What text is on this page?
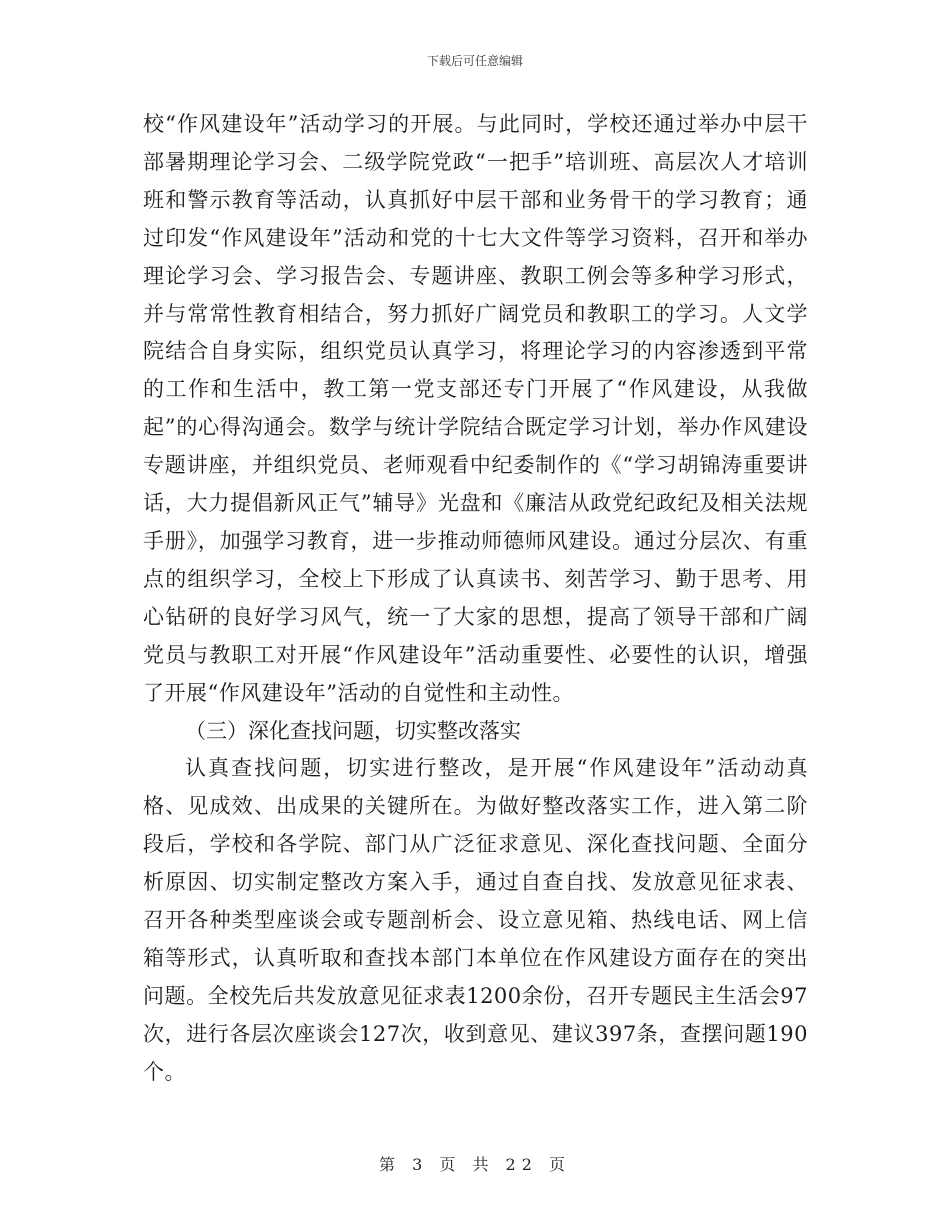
下载后可任意编辑

校“作风建设年”活动学习的开展。与此同时，学校还通过举办中层干部暑期理论学习会、二级学院党政“一把手”培训班、高层次人才培训班和警示教育等活动，认真抓好中层干部和业务骨干的学习教育；通过印发“作风建设年”活动和党的十七大文件等学习资料，召开和举办理论学习会、学习报告会、专题讲座、教职工例会等多种学习形式，并与常常性教育相结合，努力抓好广阔党员和教职工的学习。人文学院结合自身实际，组织党员认真学习，将理论学习的内容渗透到平常的工作和生活中，教工第一党支部还专门开展了“作风建设，从我做起”的心得沟通会。数学与统计学院结合既定学习计划，举办作风建设专题讲座，并组织党员、老师观看中纪委制作的《“学习胡锦涛重要讲话，大力提倡新风正气”辅导》光盘和《廉洁从政党纪政纪及相关法规手册》，加强学习教育，进一步推动师德师风建设。通过分层次、有重点的组织学习，全校上下形成了认真读书、刻苦学习、勤于思考、用心钻研的良好学习风气，统一了大家的思想，提高了领导干部和广阔党员与教职工对开展“作风建设年”活动重要性、必要性的认识，增强了开展“作风建设年”活动的自觉性和主动性。

（三）深化查找问题，切实整改落实

认真查找问题，切实进行整改，是开展“作风建设年”活动动真格、见成效、出成果的关键所在。为做好整改落实工作，进入第二阶段后，学校和各学院、部门从广泛征求意见、深化查找问题、全面分析原因、切实制定整改方案入手，通过自查自找、发放意见征求表、召开各种类型座谈会或专题剖析会、设立意见箱、热线电话、网上信箱等形式，认真听取和查找本部门本单位在作风建设方面存在的突出问题。全校先后共发放意见征求表1200余份，召开专题民主生活会97次，进行各层次座谈会127次，收到意见、建议397条，查摆问题190个。

第 3 页 共 22 页
